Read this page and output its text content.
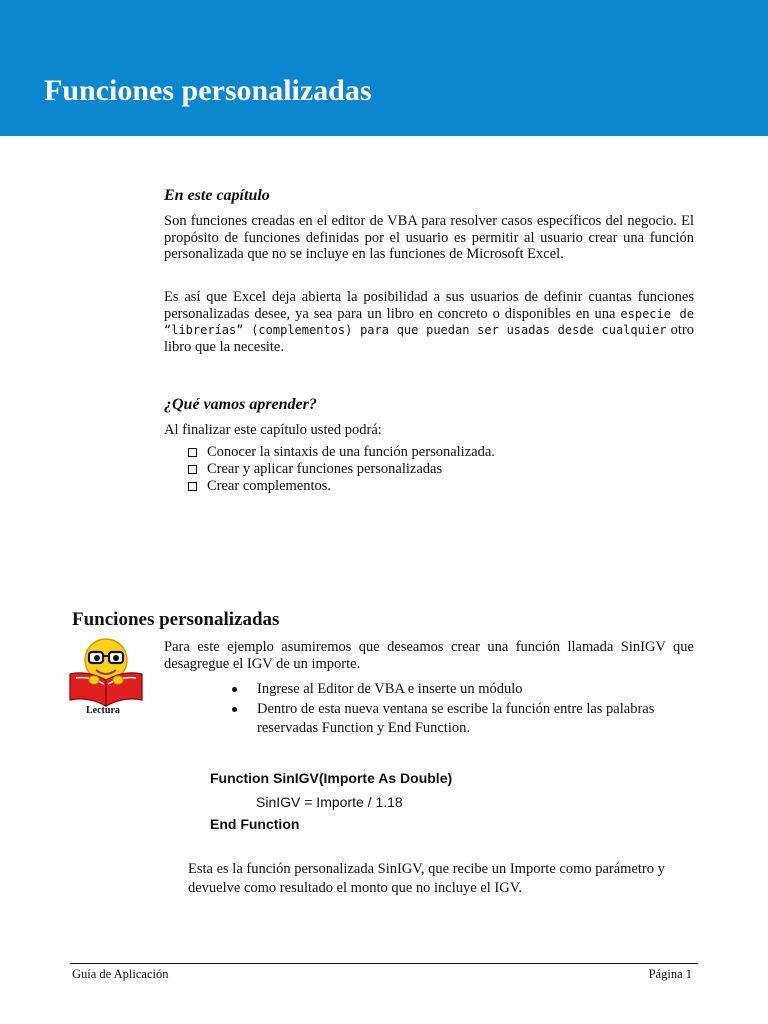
Funciones personalizadas
En este capítulo

Son funciones creadas en el editor de VBA para resolver casos específicos del negocio. El propósito de funciones definidas por el usuario es permitir al usuario crear una función personalizada que no se incluye en las funciones de Microsoft Excel.

Es así que Excel deja abierta la posibilidad a sus usuarios de definir cuantas funciones personalizadas desee, ya sea para un libro en concreto o disponibles en una especie de “librerías” (complementos) para que puedan ser usadas desde cualquier otro libro que la necesite.

¿Qué vamos aprender?

Al finalizar este capítulo usted podrá:

Conocer la sintaxis de una función personalizada.
Crear y aplicar funciones personalizadas
Crear complementos.
Funciones personalizadas

Lectura

Para este ejemplo asumiremos que deseamos crear una función llamada SinIGV que desagregue el IGV de un importe.

Ingrese al Editor de VBA e inserte un módulo
Dentro de esta nueva ventana se escribe la función entre las palabras reservadas Function y End Function.

Function SinIGV(Importe As Double)

SinIGV = Importe / 1.18

End Function

Esta es la función personalizada SinIGV, que recibe un Importe como parámetro y devuelve como resultado el monto que no incluye el IGV.

Guía de Aplicación	Página 1
